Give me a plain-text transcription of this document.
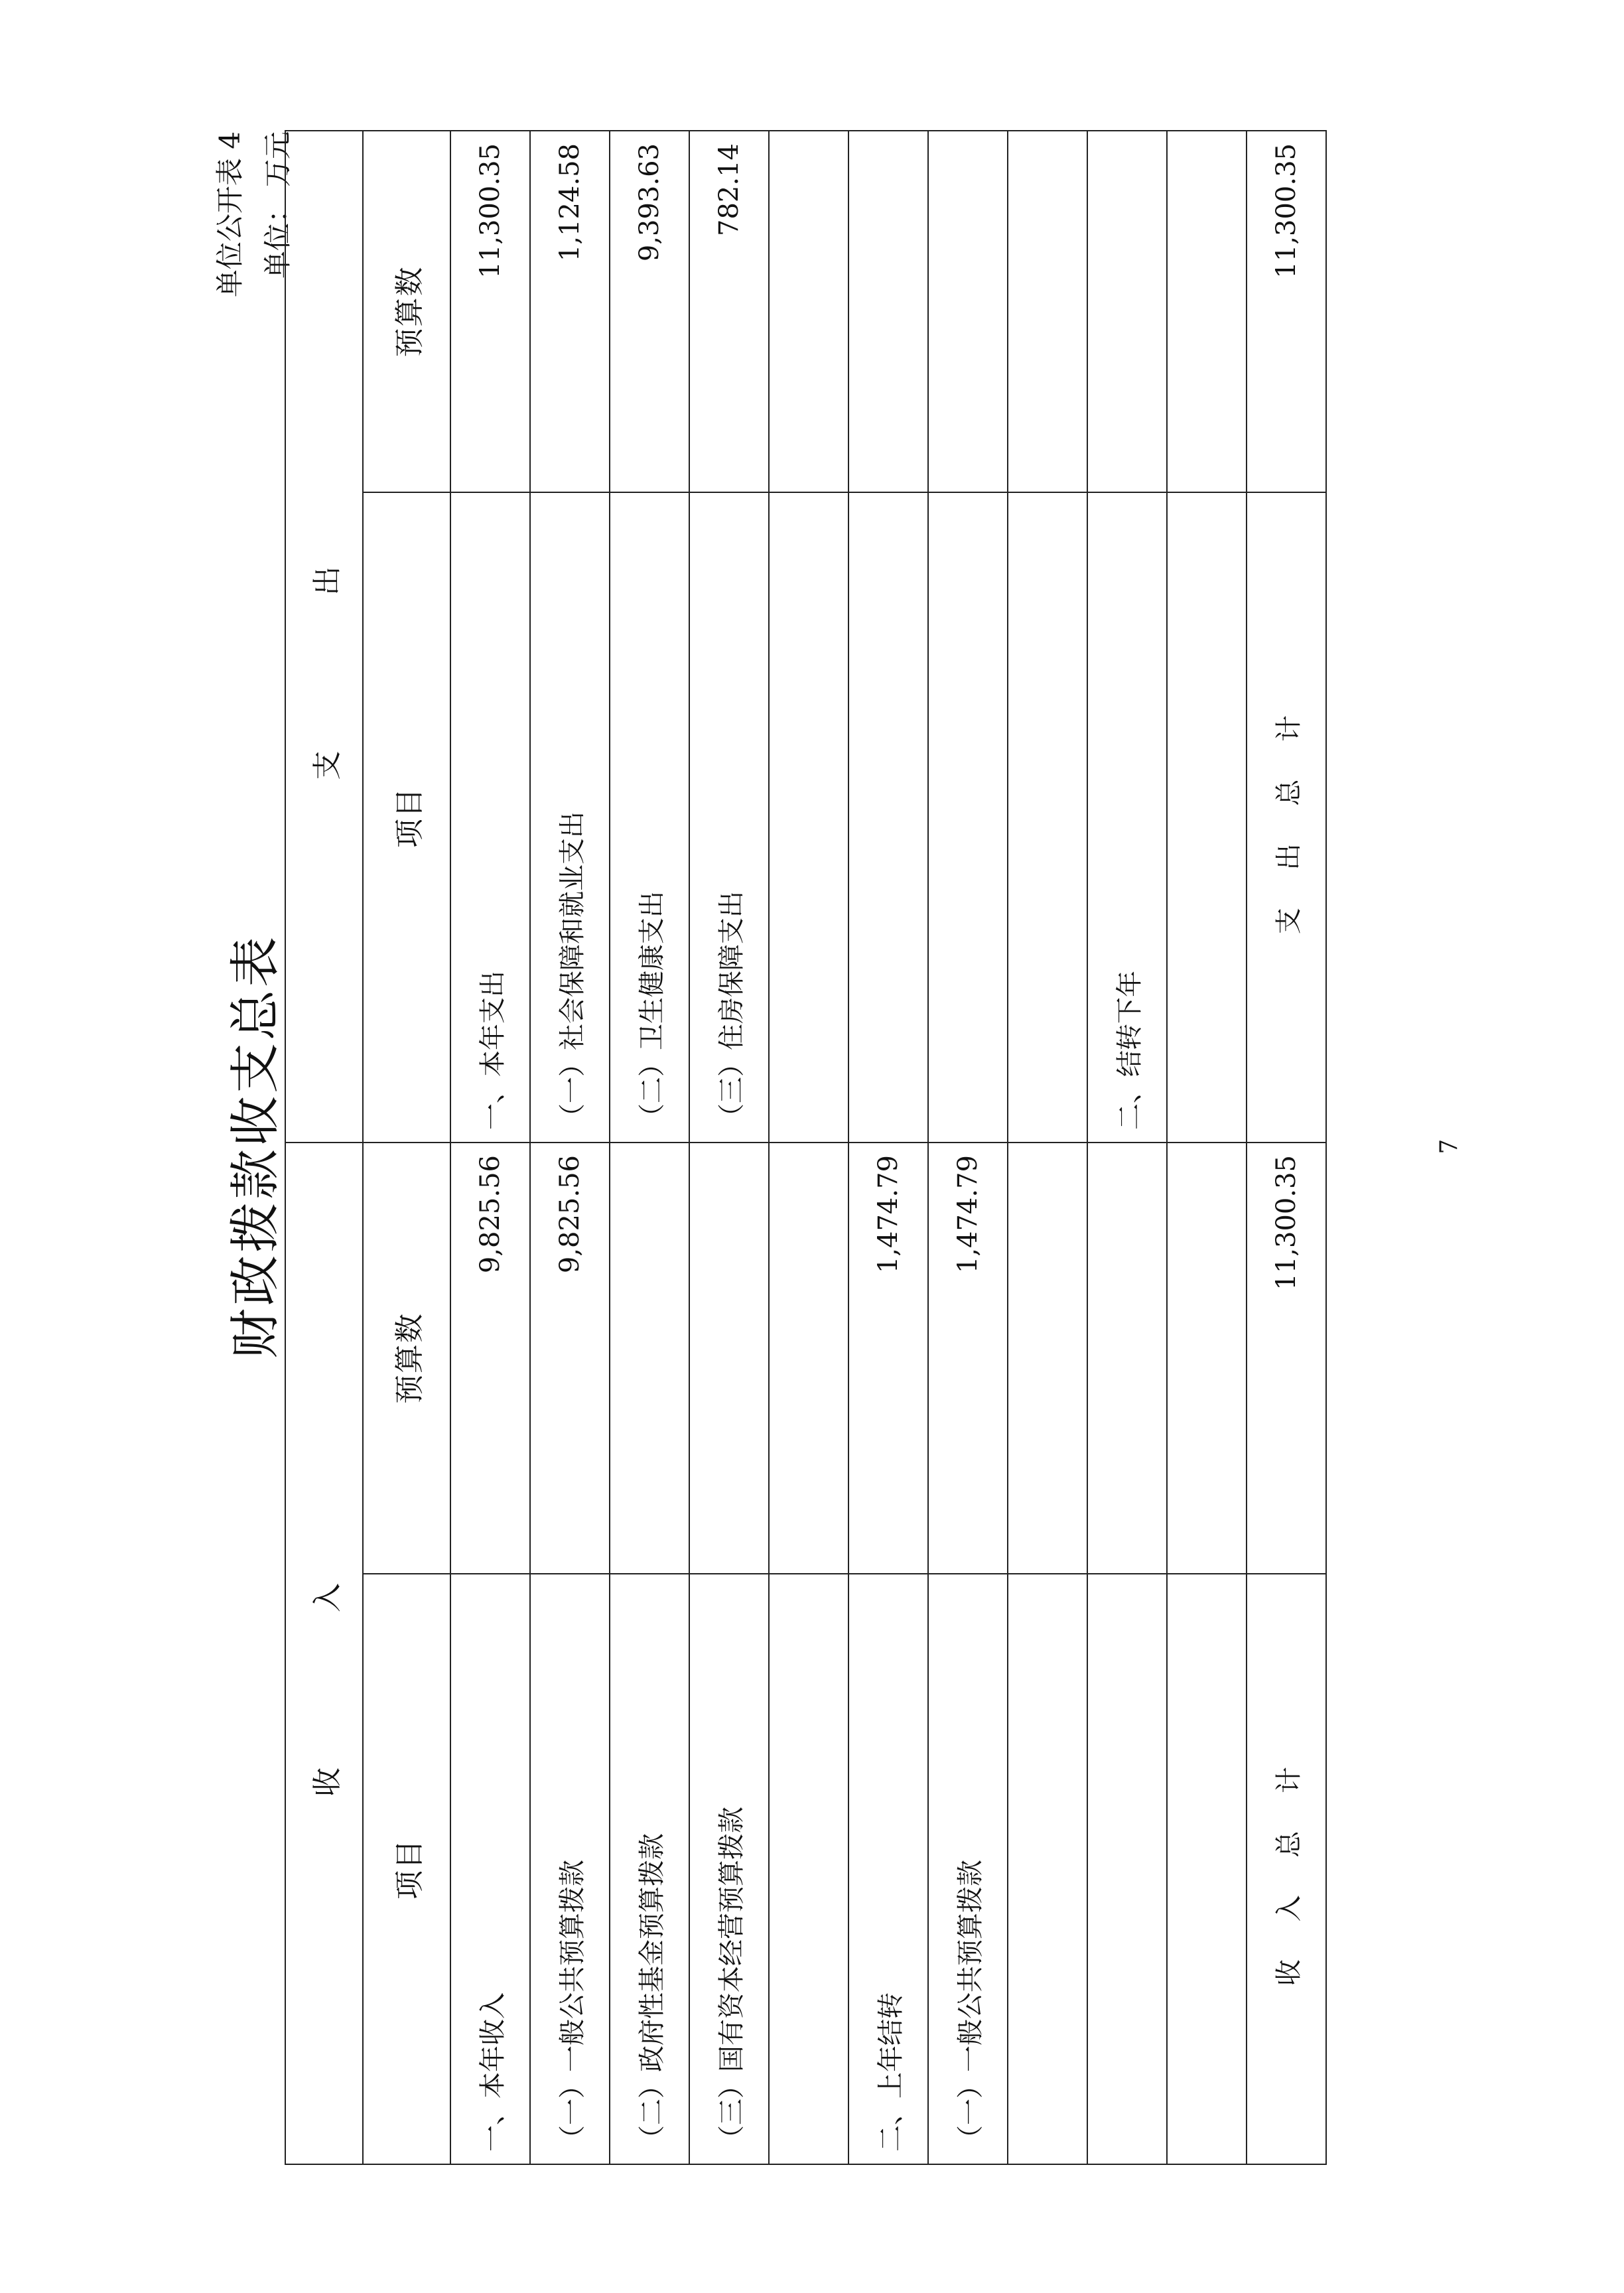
单位公开表 4
财政拨款收支总表
单位：万元
收 入		支 出	
项目	预算数	项目	预算数
一、本年收入	9,825.56	一、本年支出	11,300.35
（一）一般公共预算拨款	9,825.56	（一）社会保障和就业支出	1,124.58
（二）政府性基金预算拨款		（二）卫生健康支出	9,393.63
（三）国有资本经营预算拨款		（三）住房保障支出	782.14

二、上年结转	1,474.79		
（一）一般公共预算拨款	1,474.79		

		二、结转下年	

收 入 总 计	11,300.35	支 出 总 计	11,300.35
7
